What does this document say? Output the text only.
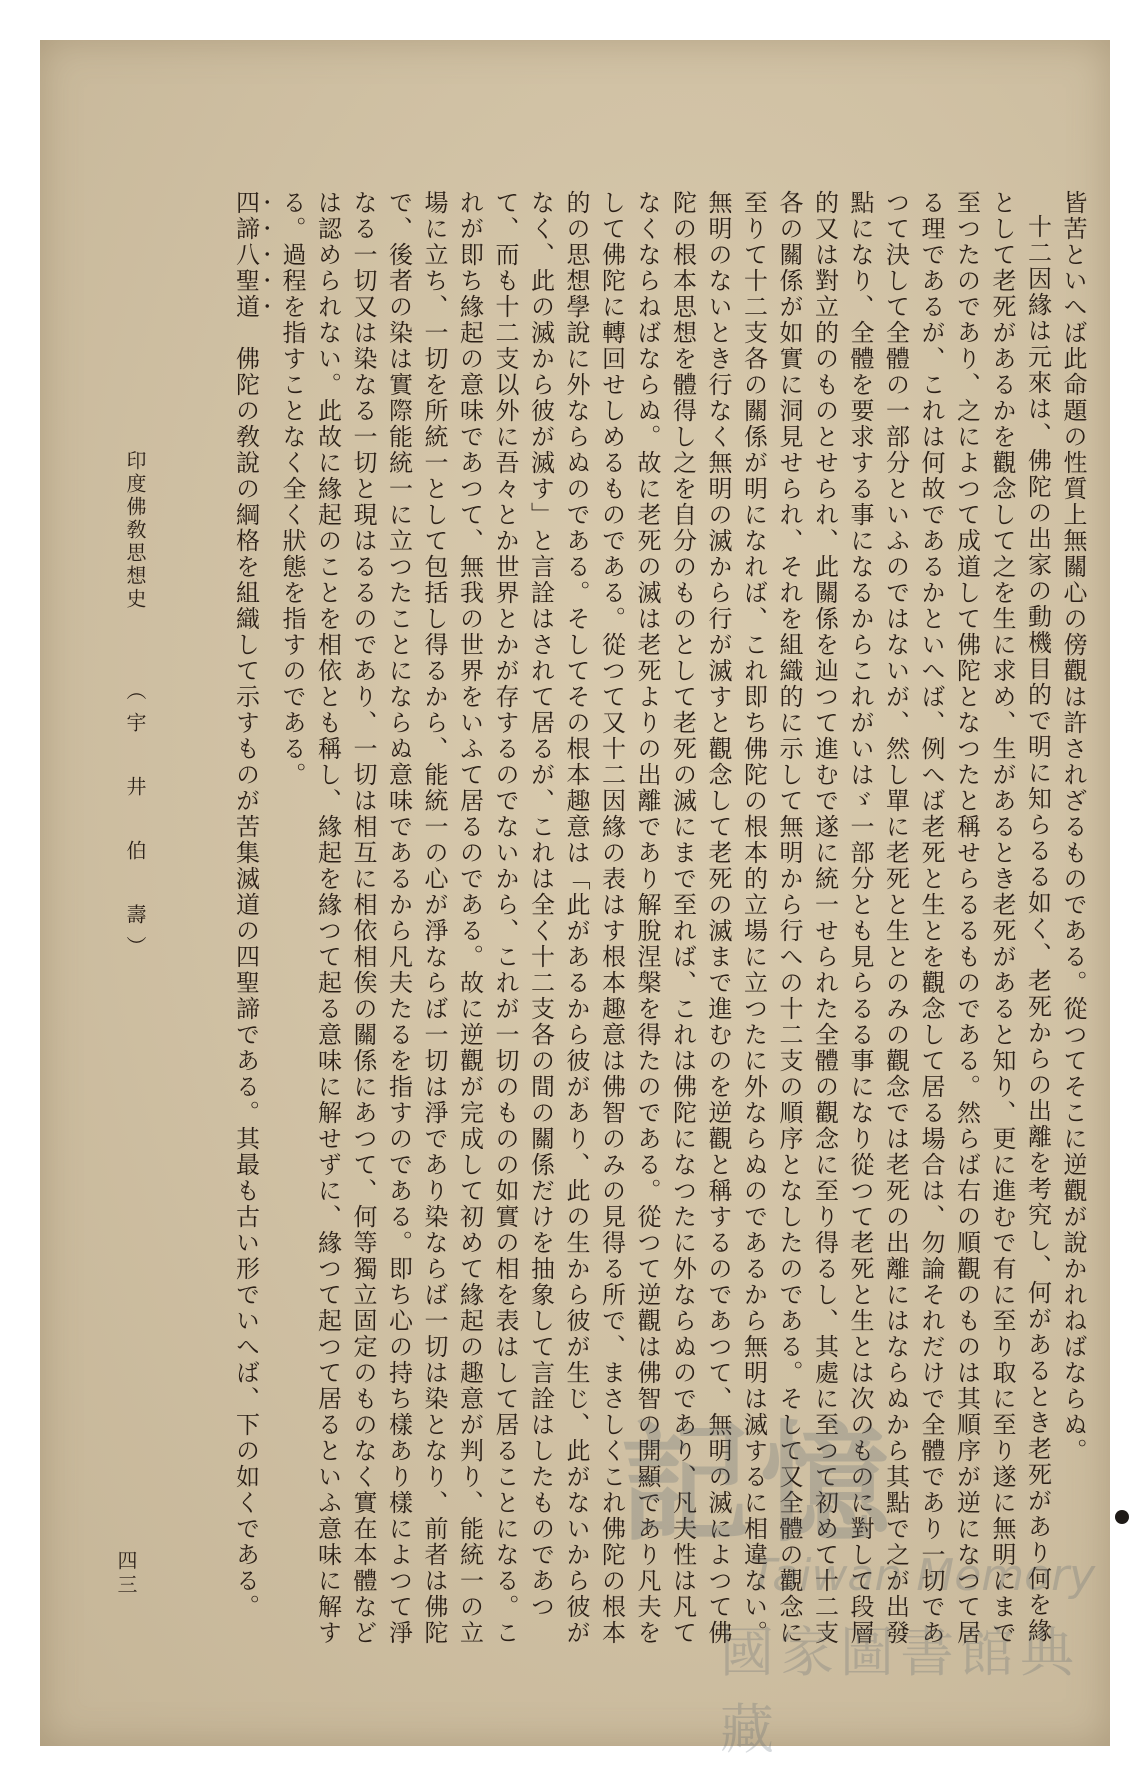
皆苦といへば此命題の性質上無關心の傍觀は許されざるものである。從つてそこに逆觀が說かれねばならぬ。

十二因緣は元來は、佛陀の出家の動機目的で明に知らるる如く、老死からの出離を考究し、何があるとき老死があり何を緣として老死があるかを觀念して之を生に求め、生があるとき老死があると知り、更に進むで有に至り取に至り遂に無明にまで至つたのであり、之によつて成道して佛陀となつたと稱せらるるものである。然らば右の順觀のものは其順序が逆になつて居る理であるが、これは何故であるかといへば、例へば老死と生とを觀念して居る場合は、勿論それだけで全體であり一切であつて決して全體の一部分といふのではないが、然し單に老死と生とのみの觀念では老死の出離にはならぬから其點で之が出發點になり、全體を要求する事になるからこれがいはゞ一部分とも見らるる事になり從つて老死と生とは次のものに對して段層的又は對立的のものとせられ、此關係を辿つて進むで遂に統一せられた全體の觀念に至り得るし、其處に至つて初めて十二支各の關係が如實に洞見せられ、それを組織的に示して無明から行への十二支の順序となしたのである。そして又全體の觀念に至りて十二支各の關係が明になれば、これ即ち佛陀の根本的立場に立つたに外ならぬのであるから無明は滅するに相違ない。無明のないとき行なく無明の滅から行が滅すと觀念して老死の滅まで進むのを逆觀と稱するのであつて、無明の滅によつて佛陀の根本思想を體得し之を自分のものとして老死の滅にまで至れば、これは佛陀になつたに外ならぬのであり、凡夫性は凡てなくならねばならぬ。故に老死の滅は老死よりの出離であり解脫涅槃を得たのである。從つて逆觀は佛智の開顯であり凡夫をして佛陀に轉回せしめるものである。從つて又十二因緣の表はす根本趣意は佛智のみの見得る所で、まさしくこれ佛陀の根本的の思想學說に外ならぬのである。そしてその根本趣意は「此があるから彼があり、此の生から彼が生じ、此がないから彼がなく、此の滅から彼が滅す」と言詮はされて居るが、これは全く十二支各の間の關係だけを抽象して言詮はしたものであつて、而も十二支以外に吾々とか世界とかが存するのでないから、これが一切のものの如實の相を表はして居ることになる。これが即ち緣起の意味であつて、無我の世界をいふて居るのである。故に逆觀が完成して初めて緣起の趣意が判り、能統一の立場に立ち、一切を所統一として包括し得るから、能統一の心が淨ならば一切は淨であり染ならば一切は染となり、前者は佛陀で、後者の染は實際能統一に立つたことにならぬ意味であるから凡夫たるを指すのである。即ち心の持ち樣あり樣によつて淨なる一切又は染なる一切と現はるるのであり、一切は相互に相依相俟の關係にあつて、何等獨立固定のものなく實在本體などは認められない。此故に緣起のことを相依とも稱し、緣起を緣つて起る意味に解せずに、緣つて起つて居るといふ意味に解する。過程を指すことなく全く狀態を指すのである。

四諦八聖道　佛陀の敎說の綱格を組織して示すものが苦集滅道の四聖諦である。其最も古い形でいへば、下の如くである。

印度佛敎思想史 （宇　井　伯　壽）
四三
記憶
Taiwan Memory
國家圖書館典藏
